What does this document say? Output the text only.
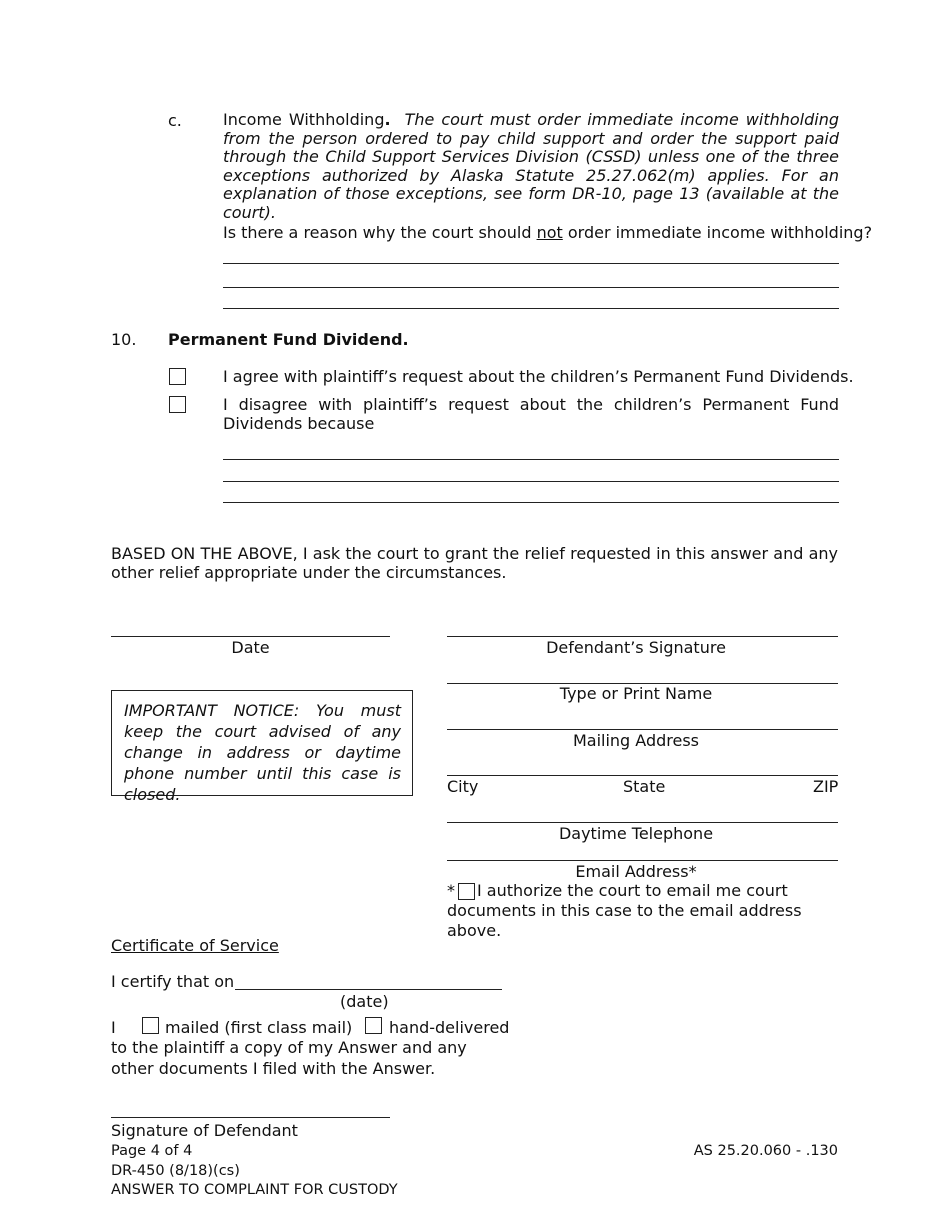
c.	Income Withholding. The court must order immediate income withholding from the person ordered to pay child support and order the support paid through the Child Support Services Division (CSSD) unless one of the three exceptions authorized by Alaska Statute 25.27.062(m) applies. For an explanation of those exceptions, see form DR-10, page 13 (available at the court).
Is there a reason why the court should not order immediate income withholding?
10. Permanent Fund Dividend.
I agree with plaintiff’s request about the children’s Permanent Fund Dividends.
I disagree with plaintiff’s request about the children’s Permanent Fund Dividends because
BASED ON THE ABOVE, I ask the court to grant the relief requested in this answer and any other relief appropriate under the circumstances.
Date	Defendant’s Signature
Type or Print Name
Mailing Address
City	State	ZIP
Daytime Telephone
Email Address*
*	I authorize the court to email me court documents in this case to the email address above.
IMPORTANT NOTICE: You must keep the court advised of any change in address or daytime phone number until this case is closed.
Certificate of Service
I certify that on
(date)
I	mailed (first class mail) hand-delivered
to the plaintiff a copy of my Answer and any other documents I filed with the Answer.
Signature of Defendant
Page 4 of 4
DR-450 (8/18)(cs)
ANSWER TO COMPLAINT FOR CUSTODY
AS 25.20.060 - .130
